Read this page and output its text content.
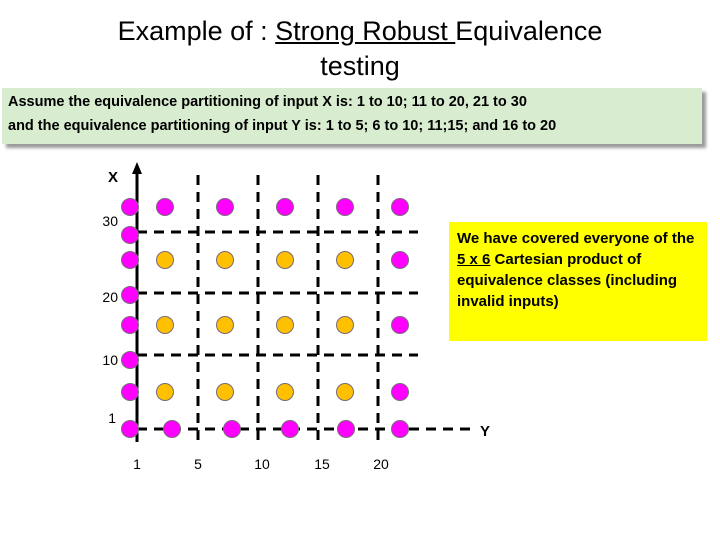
Example of : Strong Robust Equivalence
testing
Assume the equivalence partitioning of input X is: 1 to 10; 11 to 20, 21 to 30
and the equivalence partitioning of input Y is: 1 to 5; 6 to 10; 11;15; and 16 to 20
X
Y
30
20
10
1
1	5	10	15	20
We have covered everyone of the 5 x 6 Cartesian product of equivalence classes (including invalid inputs)
